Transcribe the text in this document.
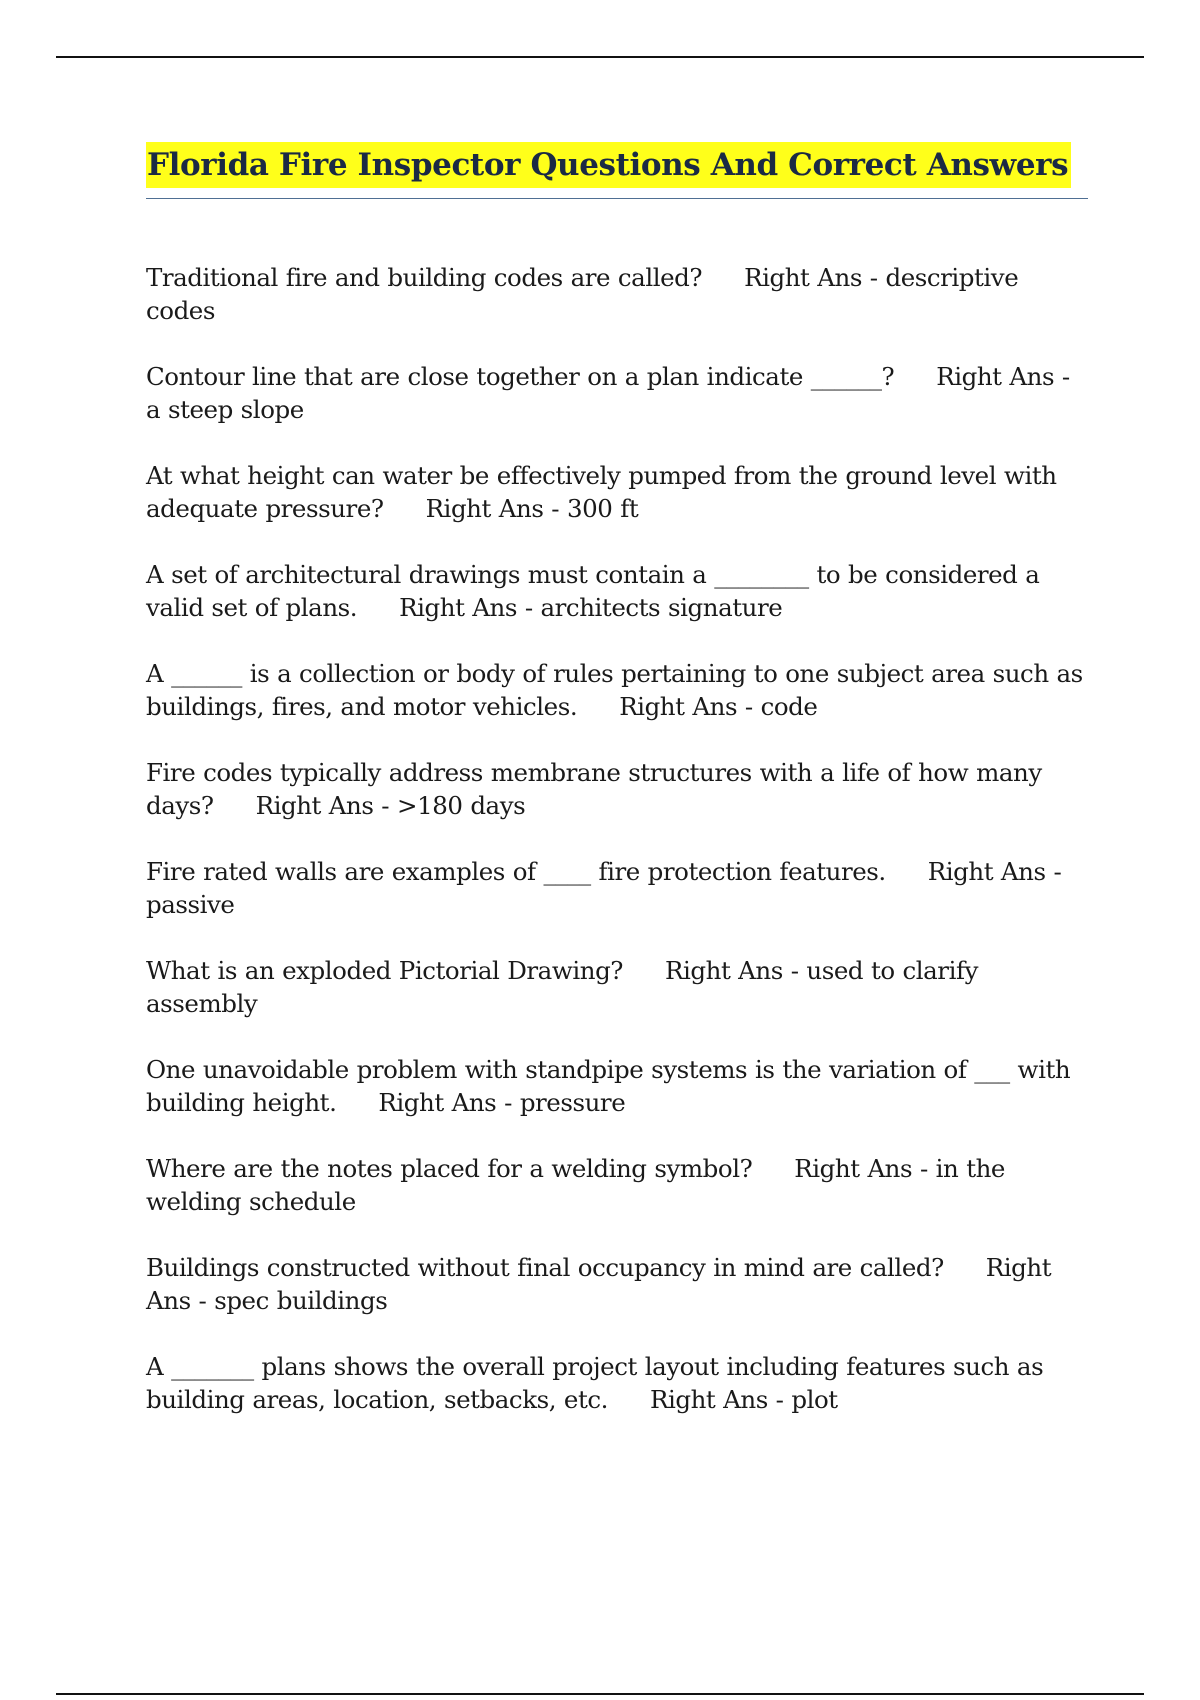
Florida Fire Inspector Questions And Correct Answers

Traditional fire and building codes are called? Right Ans - descriptive codes

Contour line that are close together on a plan indicate ______? Right Ans - a steep slope

At what height can water be effectively pumped from the ground level with adequate pressure? Right Ans - 300 ft

A set of architectural drawings must contain a ________ to be considered a valid set of plans. Right Ans - architects signature

A ______ is a collection or body of rules pertaining to one subject area such as buildings, fires, and motor vehicles. Right Ans - code

Fire codes typically address membrane structures with a life of how many days? Right Ans - >180 days

Fire rated walls are examples of ____ fire protection features. Right Ans - passive

What is an exploded Pictorial Drawing? Right Ans - used to clarify assembly

One unavoidable problem with standpipe systems is the variation of ___ with building height. Right Ans - pressure

Where are the notes placed for a welding symbol? Right Ans - in the welding schedule

Buildings constructed without final occupancy in mind are called? Right Ans - spec buildings

A _______ plans shows the overall project layout including features such as building areas, location, setbacks, etc. Right Ans - plot
